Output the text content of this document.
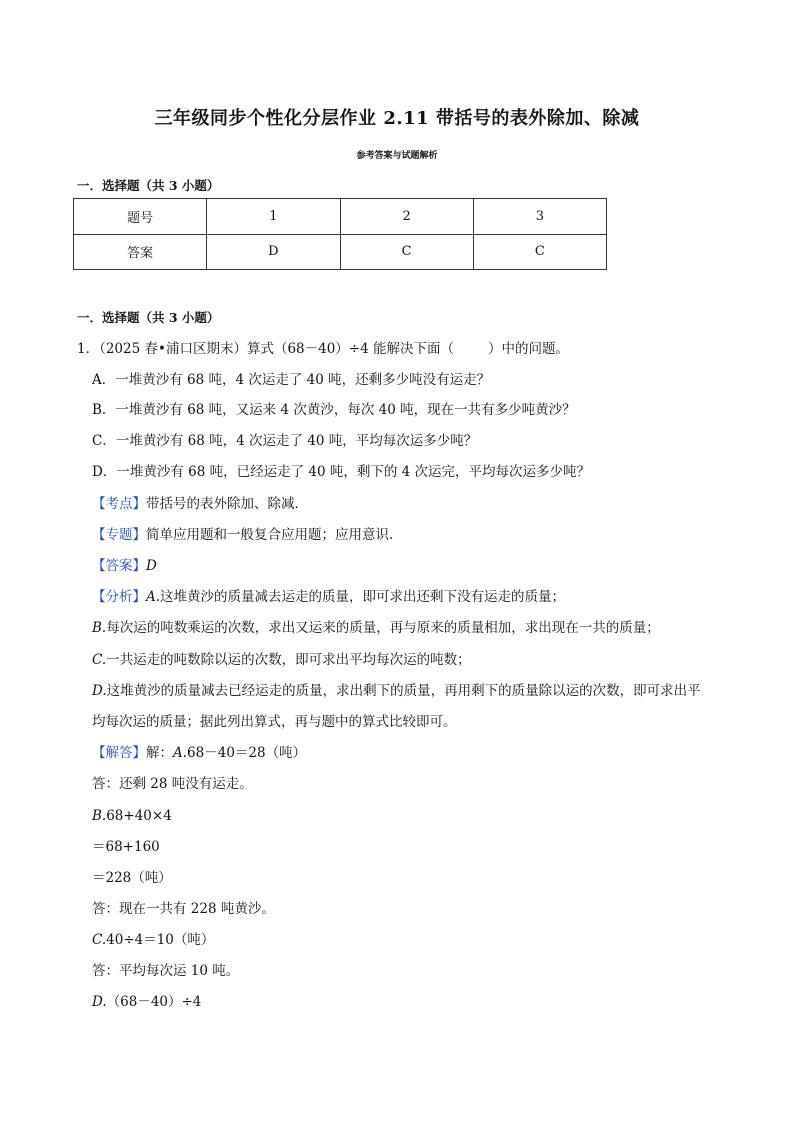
三年级同步个性化分层作业 2.11 带括号的表外除加、除减
参考答案与试题解析
一．选择题（共 3 小题）
题号	1	2	3
答案	D	C	C
一．选择题（共 3 小题）
1．（2025 春•浦口区期末）算式（68－40）÷4 能解决下面（	）中的问题。
A．一堆黄沙有 68 吨，4 次运走了 40 吨，还剩多少吨没有运走？
B．一堆黄沙有 68 吨，又运来 4 次黄沙，每次 40 吨，现在一共有多少吨黄沙？
C．一堆黄沙有 68 吨，4 次运走了 40 吨，平均每次运多少吨？
D．一堆黄沙有 68 吨，已经运走了 40 吨，剩下的 4 次运完，平均每次运多少吨？
【考点】带括号的表外除加、除减．
【专题】简单应用题和一般复合应用题；应用意识．
【答案】D
【分析】A.这堆黄沙的质量减去运走的质量，即可求出还剩下没有运走的质量；
B.每次运的吨数乘运的次数，求出又运来的质量，再与原来的质量相加，求出现在一共的质量；
C.一共运走的吨数除以运的次数，即可求出平均每次运的吨数；
D.这堆黄沙的质量减去已经运走的质量，求出剩下的质量，再用剩下的质量除以运的次数，即可求出平
均每次运的质量；据此列出算式，再与题中的算式比较即可。
【解答】解：A.68－40＝28（吨）
答：还剩 28 吨没有运走。
B.68+40×4
＝68+160
＝228（吨）
答：现在一共有 228 吨黄沙。
C.40÷4＝10（吨）
答：平均每次运 10 吨。
D.（68－40）÷4
